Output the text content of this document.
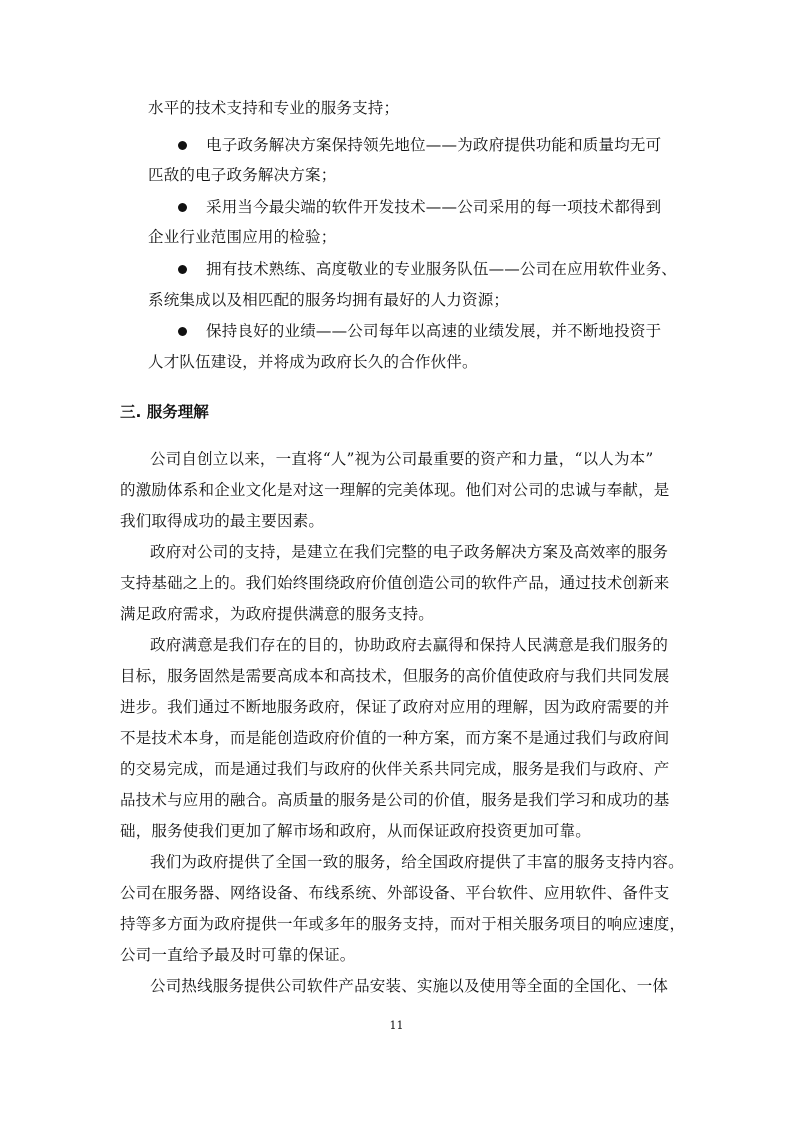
水平的技术支持和专业的服务支持；
电子政务解决方案保持领先地位——为政府提供功能和质量均无可
匹敌的电子政务解决方案；
采用当今最尖端的软件开发技术——公司采用的每一项技术都得到
企业行业范围应用的检验；
拥有技术熟练、高度敬业的专业服务队伍——公司在应用软件业务、
系统集成以及相匹配的服务均拥有最好的人力资源；
保持良好的业绩——公司每年以高速的业绩发展，并不断地投资于
人才队伍建设，并将成为政府长久的合作伙伴。
三. 服务理解
公司自创立以来，一直将“人”视为公司最重要的资产和力量，“以人为本”
的激励体系和企业文化是对这一理解的完美体现。他们对公司的忠诚与奉献，是
我们取得成功的最主要因素。
政府对公司的支持，是建立在我们完整的电子政务解决方案及高效率的服务
支持基础之上的。我们始终围绕政府价值创造公司的软件产品，通过技术创新来
满足政府需求，为政府提供满意的服务支持。
政府满意是我们存在的目的，协助政府去赢得和保持人民满意是我们服务的
目标，服务固然是需要高成本和高技术，但服务的高价值使政府与我们共同发展
进步。我们通过不断地服务政府，保证了政府对应用的理解，因为政府需要的并
不是技术本身，而是能创造政府价值的一种方案，而方案不是通过我们与政府间
的交易完成，而是通过我们与政府的伙伴关系共同完成，服务是我们与政府、产
品技术与应用的融合。高质量的服务是公司的价值，服务是我们学习和成功的基
础，服务使我们更加了解市场和政府，从而保证政府投资更加可靠。
我们为政府提供了全国一致的服务，给全国政府提供了丰富的服务支持内容。
公司在服务器、网络设备、布线系统、外部设备、平台软件、应用软件、备件支
持等多方面为政府提供一年或多年的服务支持，而对于相关服务项目的响应速度，
公司一直给予最及时可靠的保证。
公司热线服务提供公司软件产品安装、实施以及使用等全面的全国化、一体
11
